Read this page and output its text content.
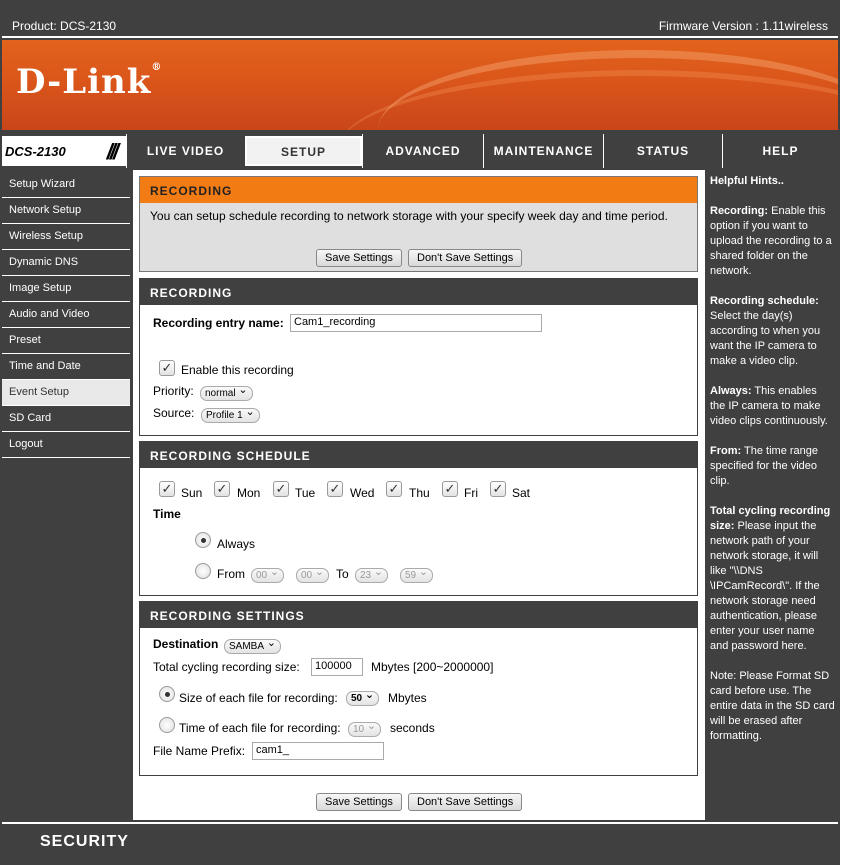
Product: DCS-2130	Firmware Version : 1.11wireless
D-Link®
DCS-2130 ///	LIVE VIDEO	SETUP	ADVANCED	MAINTENANCE	STATUS	HELP
Setup Wizard
Network Setup
Wireless Setup
Dynamic DNS
Image Setup
Audio and Video
Preset
Time and Date
Event Setup
SD Card
Logout
RECORDING
You can setup schedule recording to network storage with your specify week day and time period.
Save Settings	Don't Save Settings
RECORDING
Recording entry name: Cam1_recording
✓ Enable this recording
Priority:	normal ⌄
Source:	Profile 1 ⌄
RECORDING SCHEDULE
✓ Sun ✓ Mon ✓ Tue ✓ Wed ✓ Thu ✓ Fri ✓ Sat
Time
Always
From	00 ⌄	00 ⌄	To	23 ⌄	59 ⌄
RECORDING SETTINGS
Destination	SAMBA ⌄
Total cycling recording size:	100000	Mbytes [200~2000000]
Size of each file for recording:	50 ⌄	Mbytes
Time of each file for recording:	10 ⌄	seconds
File Name Prefix: cam1_
Save Settings	Don't Save Settings

Helpful Hints..

Recording: Enable this option if you want to upload the recording to a shared folder on the network.

Recording schedule: Select the day(s) according to when you want the IP camera to make a video clip.

Always: This enables the IP camera to make video clips continuously.

From: The time range specified for the video clip.

Total cycling recording size: Please input the network path of your network storage, it will like "\\DNS \IPCamRecord\". If the network storage need authentication, please enter your user name and password here.

Note: Please Format SD card before use. The entire data in the SD card will be erased after formatting.

SECURITY
